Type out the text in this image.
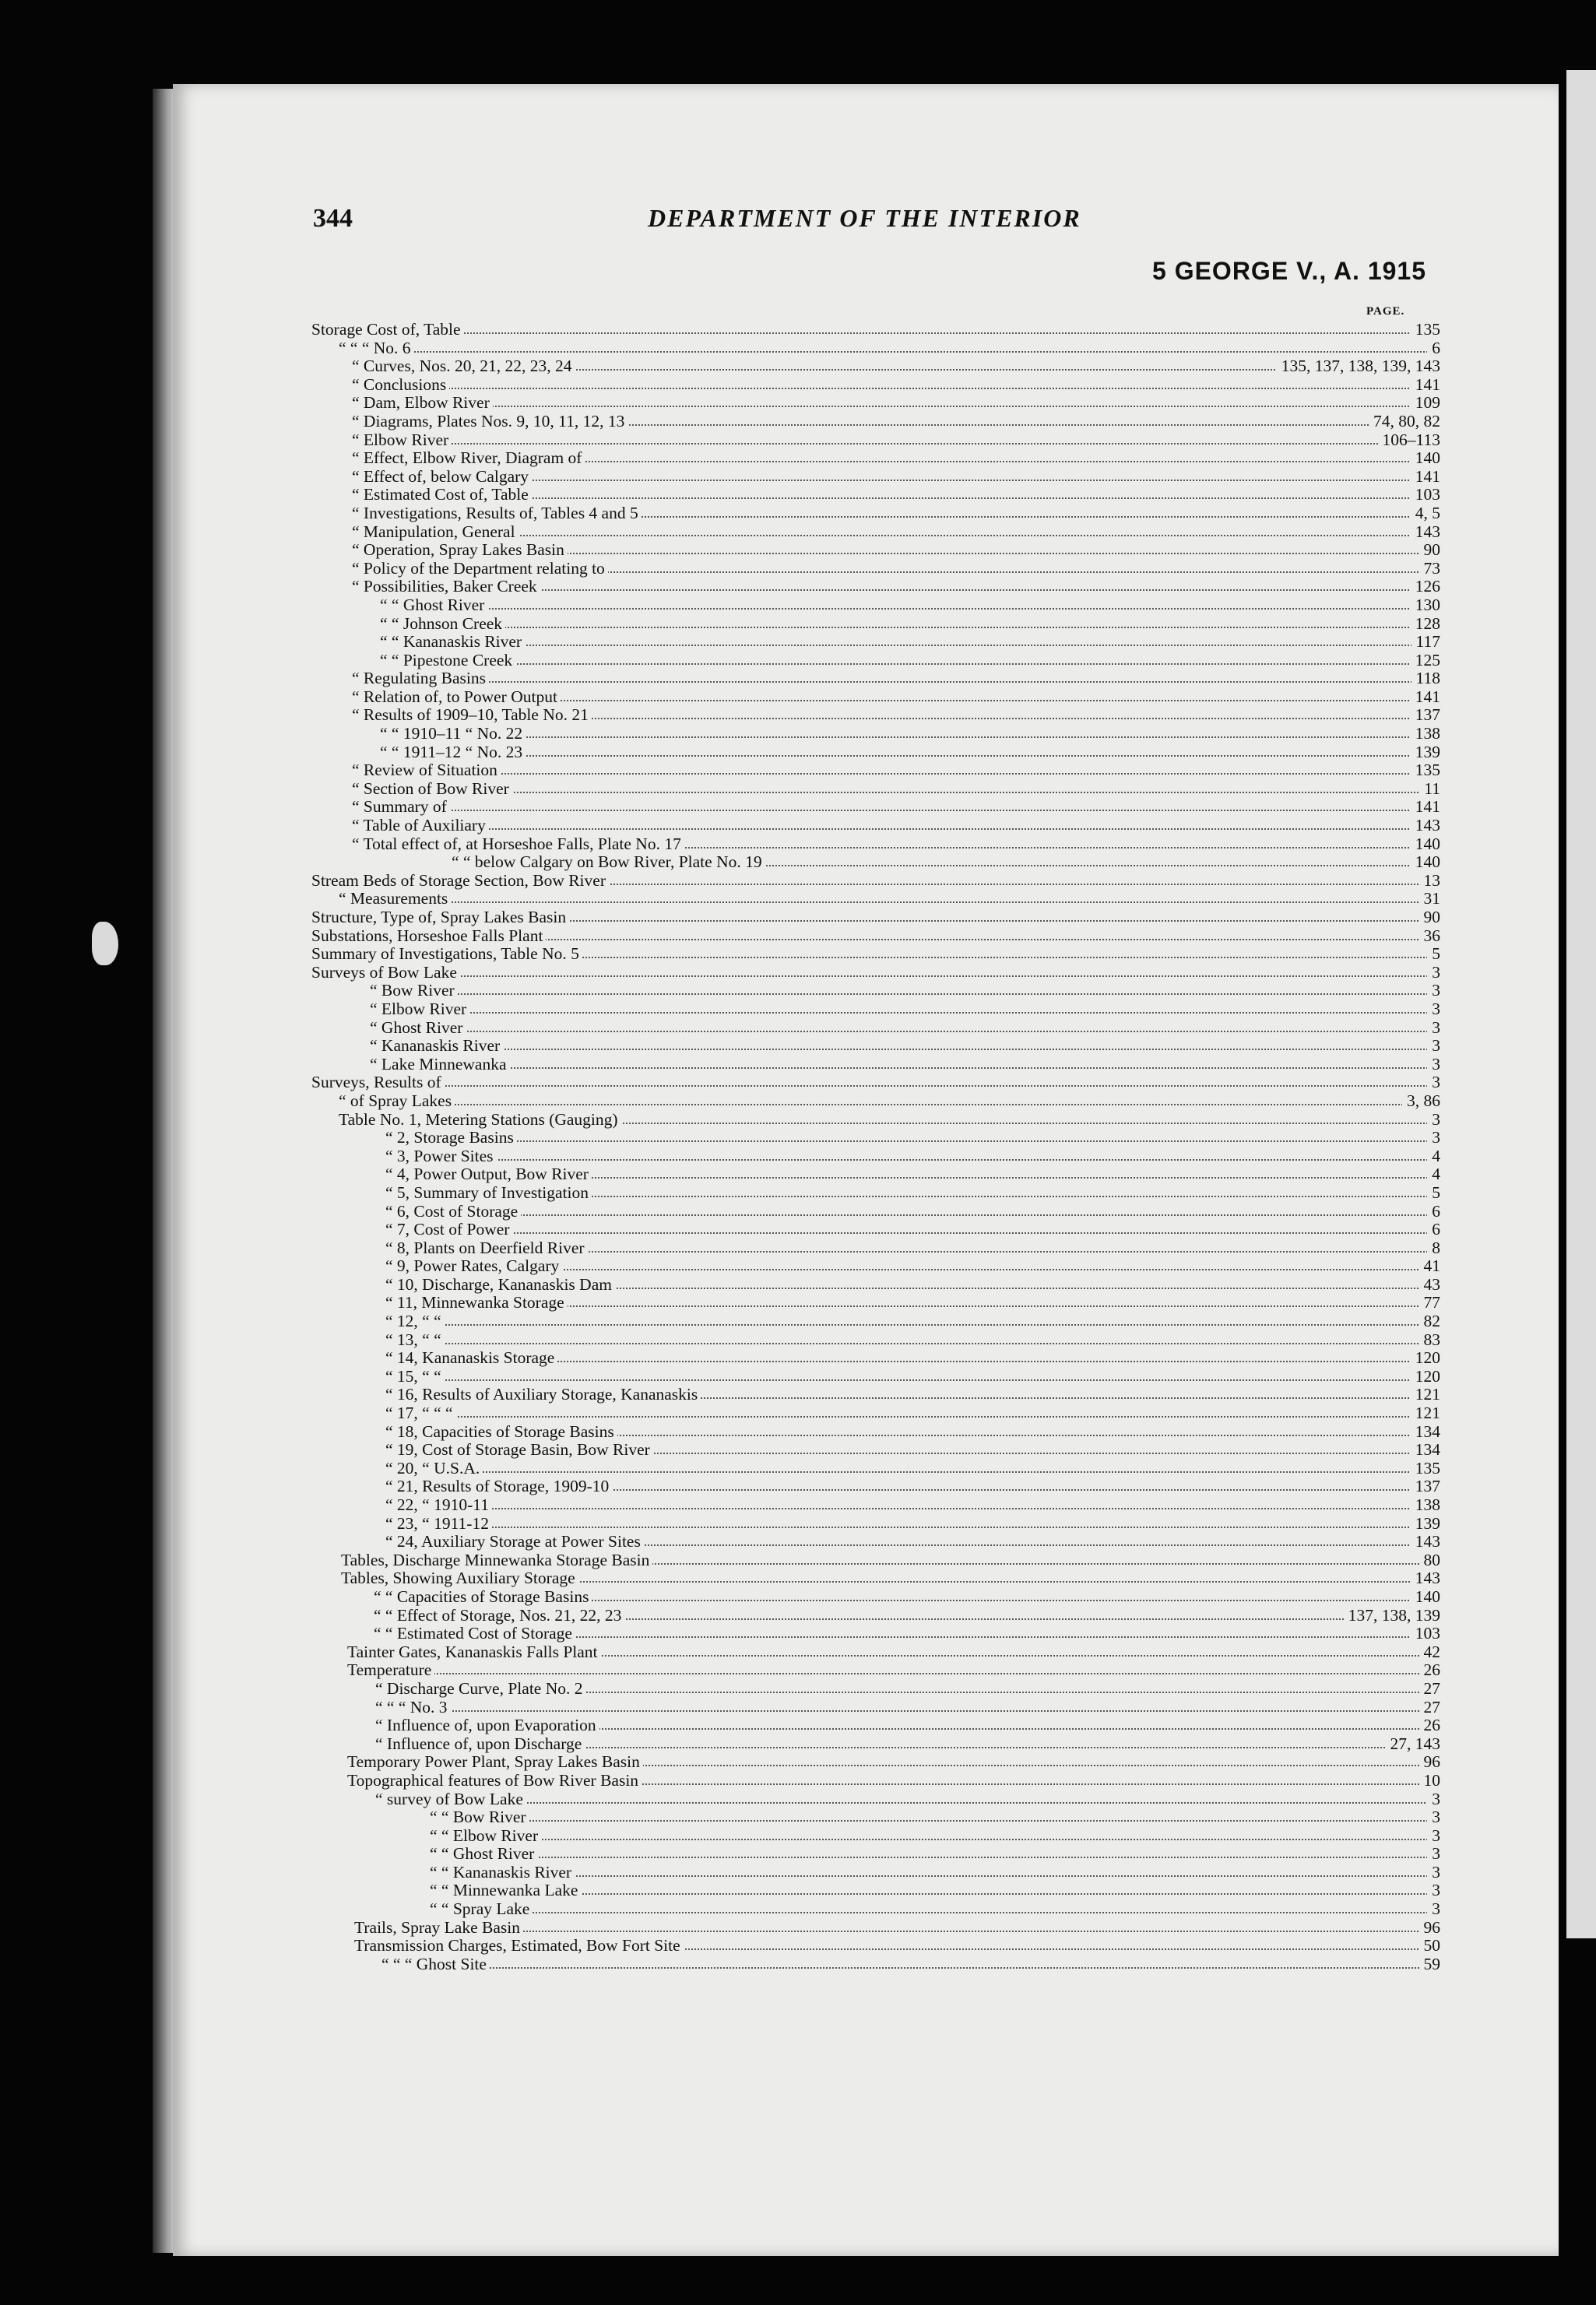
344	DEPARTMENT OF THE INTERIOR
5 GEORGE V., A. 1915
PAGE.
Storage Cost of, Table	135
“ “ “ No. 6	6
“ Curves, Nos. 20, 21, 22, 23, 24	135, 137, 138, 139, 143
“ Conclusions	141
“ Dam, Elbow River	109
“ Diagrams, Plates Nos. 9, 10, 11, 12, 13	74, 80, 82
“ Elbow River	106–113
“ Effect, Elbow River, Diagram of	140
“ Effect of, below Calgary	141
“ Estimated Cost of, Table	103
“ Investigations, Results of, Tables 4 and 5	4, 5
“ Manipulation, General	143
“ Operation, Spray Lakes Basin	90
“ Policy of the Department relating to	73
“ Possibilities, Baker Creek	126
“ “ Ghost River	130
“ “ Johnson Creek	128
“ “ Kananaskis River	117
“ “ Pipestone Creek	125
“ Regulating Basins	118
“ Relation of, to Power Output	141
“ Results of 1909–10, Table No. 21	137
“ “ 1910–11 “ No. 22	138
“ “ 1911–12 “ No. 23	139
“ Review of Situation	135
“ Section of Bow River	11
“ Summary of	141
“ Table of Auxiliary	143
“ Total effect of, at Horseshoe Falls, Plate No. 17	140
“ “ below Calgary on Bow River, Plate No. 19	140
Stream Beds of Storage Section, Bow River	13
“ Measurements	31
Structure, Type of, Spray Lakes Basin	90
Substations, Horseshoe Falls Plant	36
Summary of Investigations, Table No. 5	5
Surveys of Bow Lake	3
“ Bow River	3
“ Elbow River	3
“ Ghost River	3
“ Kananaskis River	3
“ Lake Minnewanka	3
Surveys, Results of	3
“ of Spray Lakes	3, 86
Table No. 1, Metering Stations (Gauging)	3
“ 2, Storage Basins	3
“ 3, Power Sites	4
“ 4, Power Output, Bow River	4
“ 5, Summary of Investigation	5
“ 6, Cost of Storage	6
“ 7, Cost of Power	6
“ 8, Plants on Deerfield River	8
“ 9, Power Rates, Calgary	41
“ 10, Discharge, Kananaskis Dam	43
“ 11, Minnewanka Storage	77
“ 12, “ “	82
“ 13, “ “	83
“ 14, Kananaskis Storage	120
“ 15, “ “	120
“ 16, Results of Auxiliary Storage, Kananaskis	121
“ 17, “ “ “	121
“ 18, Capacities of Storage Basins	134
“ 19, Cost of Storage Basin, Bow River	134
“ 20, “ U.S.A.	135
“ 21, Results of Storage, 1909-10	137
“ 22, “ 1910-11	138
“ 23, “ 1911-12	139
“ 24, Auxiliary Storage at Power Sites	143
Tables, Discharge Minnewanka Storage Basin	80
Tables, Showing Auxiliary Storage	143
“ “ Capacities of Storage Basins	140
“ “ Effect of Storage, Nos. 21, 22, 23	137, 138, 139
“ “ Estimated Cost of Storage	103
Tainter Gates, Kananaskis Falls Plant	42
Temperature	26
“ Discharge Curve, Plate No. 2	27
“ “ “ No. 3	27
“ Influence of, upon Evaporation	26
“ Influence of, upon Discharge	27, 143
Temporary Power Plant, Spray Lakes Basin	96
Topographical features of Bow River Basin	10
“ survey of Bow Lake	3
“ “ Bow River	3
“ “ Elbow River	3
“ “ Ghost River	3
“ “ Kananaskis River	3
“ “ Minnewanka Lake	3
“ “ Spray Lake	3
Trails, Spray Lake Basin	96
Transmission Charges, Estimated, Bow Fort Site	50
“ “ “ Ghost Site	59
